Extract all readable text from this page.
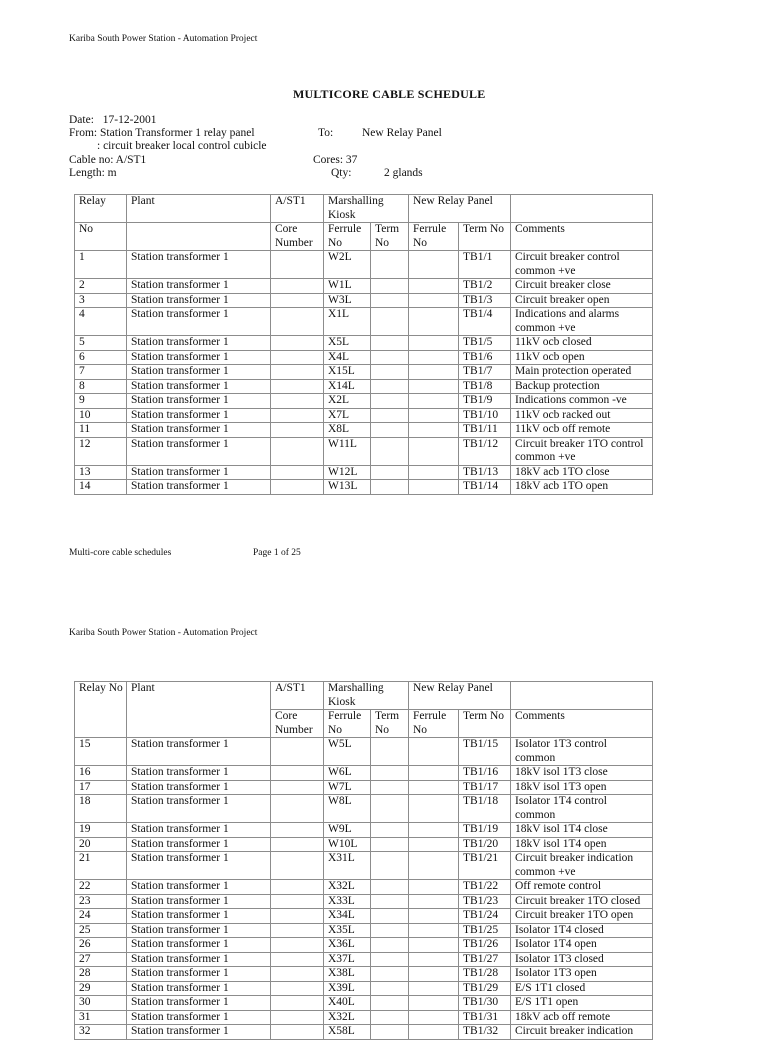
Kariba South Power Station - Automation Project
MULTICORE CABLE SCHEDULE
Date: 17-12-2001
From: Station Transformer 1 relay panel
: circuit breaker local control cubicle
To:	New Relay Panel
Cable no: A/ST1	Cores: 37
Length: m	Qty:	2 glands
Relay	Plant	A/ST1	Marshalling Kiosk		New Relay Panel		
No		Core Number	Ferrule No	Term No	Ferrule No	Term No	Comments
1	Station transformer 1		W2L			TB1/1	Circuit breaker control common +ve
2	Station transformer 1		W1L			TB1/2	Circuit breaker close
3	Station transformer 1		W3L			TB1/3	Circuit breaker open
4	Station transformer 1		X1L			TB1/4	Indications and alarms common +ve
5	Station transformer 1		X5L			TB1/5	11kV ocb closed
6	Station transformer 1		X4L			TB1/6	11kV ocb open
7	Station transformer 1		X15L			TB1/7	Main protection operated
8	Station transformer 1		X14L			TB1/8	Backup protection
9	Station transformer 1		X2L			TB1/9	Indications common -ve
10	Station transformer 1		X7L			TB1/10	11kV ocb racked out
11	Station transformer 1		X8L			TB1/11	11kV ocb off remote
12	Station transformer 1		W11L			TB1/12	Circuit breaker 1TO control common +ve
13	Station transformer 1		W12L			TB1/13	18kV acb 1TO close
14	Station transformer 1		W13L			TB1/14	18kV acb 1TO open
Multi-core cable schedules	Page 1 of 25
Kariba South Power Station - Automation Project
Relay No	Plant	A/ST1	Marshalling Kiosk		New Relay Panel		
		Core Number	Ferrule No	Term No	Ferrule No	Term No	Comments
15	Station transformer 1		W5L			TB1/15	Isolator 1T3 control common
16	Station transformer 1		W6L			TB1/16	18kV isol 1T3 close
17	Station transformer 1		W7L			TB1/17	18kV isol 1T3 open
18	Station transformer 1		W8L			TB1/18	Isolator 1T4 control common
19	Station transformer 1		W9L			TB1/19	18kV isol 1T4 close
20	Station transformer 1		W10L			TB1/20	18kV isol 1T4 open
21	Station transformer 1		X31L			TB1/21	Circuit breaker indication common +ve
22	Station transformer 1		X32L			TB1/22	Off remote control
23	Station transformer 1		X33L			TB1/23	Circuit breaker 1TO closed
24	Station transformer 1		X34L			TB1/24	Circuit breaker 1TO open
25	Station transformer 1		X35L			TB1/25	Isolator 1T4 closed
26	Station transformer 1		X36L			TB1/26	Isolator 1T4 open
27	Station transformer 1		X37L			TB1/27	Isolator 1T3 closed
28	Station transformer 1		X38L			TB1/28	Isolator 1T3 open
29	Station transformer 1		X39L			TB1/29	E/S 1T1 closed
30	Station transformer 1		X40L			TB1/30	E/S 1T1 open
31	Station transformer 1		X32L			TB1/31	18kV acb off remote
32	Station transformer 1		X58L			TB1/32	Circuit breaker indication
